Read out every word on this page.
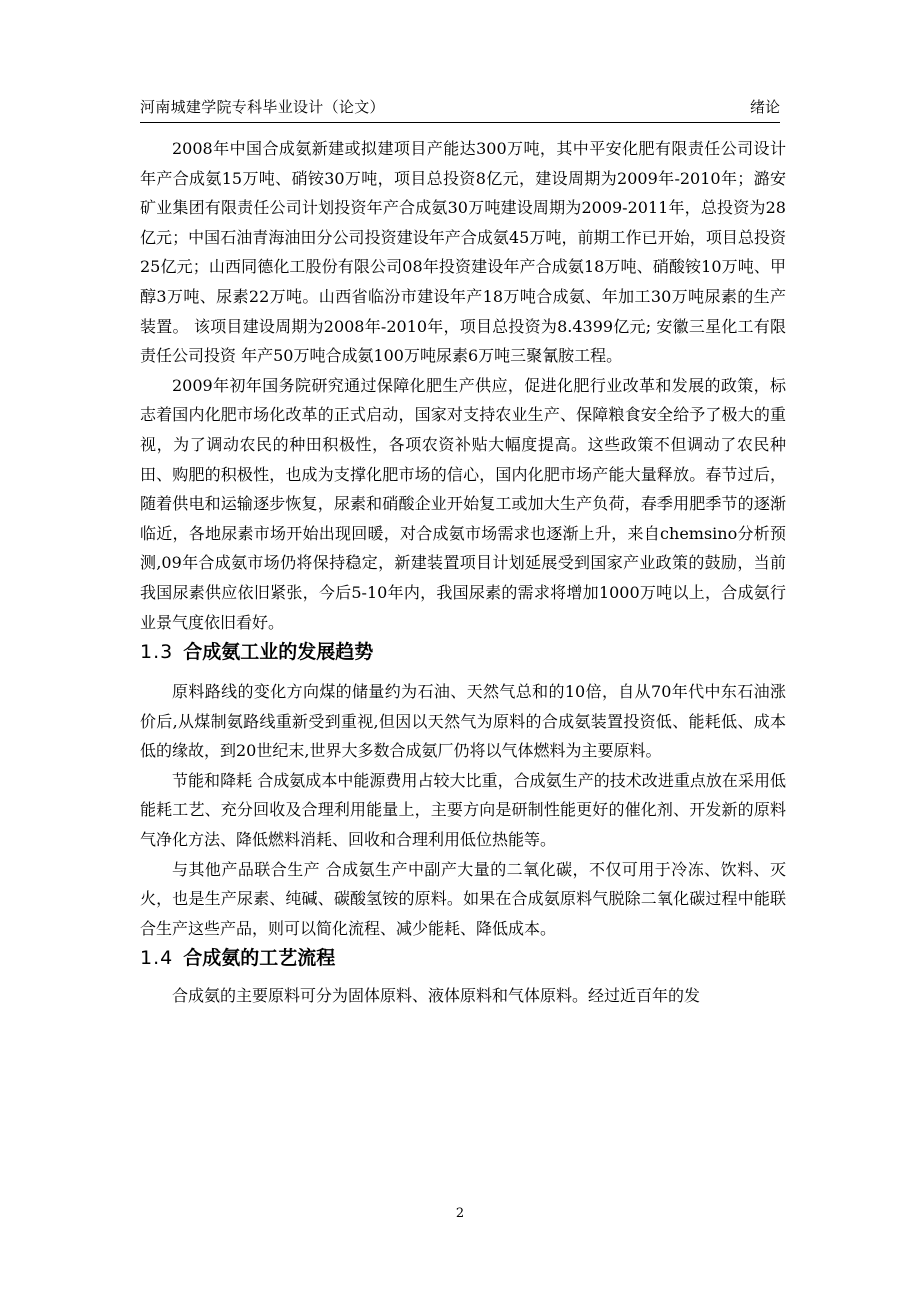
河南城建学院专科毕业设计（论文）	绪论

2008年中国合成氨新建或拟建项目产能达300万吨，其中平安化肥有限责任公司设计年产合成氨15万吨、硝铵30万吨，项目总投资8亿元，建设周期为2009年-2010年；潞安矿业集团有限责任公司计划投资年产合成氨30万吨建设周期为2009-2011年，总投资为28亿元；中国石油青海油田分公司投资建设年产合成氨45万吨，前期工作已开始，项目总投资25亿元；山西同德化工股份有限公司08年投资建设年产合成氨18万吨、硝酸铵10万吨、甲醇3万吨、尿素22万吨。山西省临汾市建设年产18万吨合成氨、年加工30万吨尿素的生产装置。 该项目建设周期为2008年-2010年，项目总投资为8.4399亿元; 安徽三星化工有限责任公司投资 年产50万吨合成氨100万吨尿素6万吨三聚氰胺工程。

2009年初年国务院研究通过保障化肥生产供应，促进化肥行业改革和发展的政策，标志着国内化肥市场化改革的正式启动，国家对支持农业生产、保障粮食安全给予了极大的重视，为了调动农民的种田积极性，各项农资补贴大幅度提高。这些政策不但调动了农民种田、购肥的积极性，也成为支撑化肥市场的信心，国内化肥市场产能大量释放。春节过后，随着供电和运输逐步恢复，尿素和硝酸企业开始复工或加大生产负荷，春季用肥季节的逐渐临近，各地尿素市场开始出现回暖，对合成氨市场需求也逐渐上升，来自chemsino分析预测,09年合成氨市场仍将保持稳定，新建装置项目计划延展受到国家产业政策的鼓励，当前我国尿素供应依旧紧张，今后5-10年内，我国尿素的需求将增加1000万吨以上，合成氨行业景气度依旧看好。

1.3 合成氨工业的发展趋势

原料路线的变化方向煤的储量约为石油、天然气总和的10倍，自从70年代中东石油涨价后,从煤制氨路线重新受到重视,但因以天然气为原料的合成氨装置投资低、能耗低、成本低的缘故，到20世纪末,世界大多数合成氨厂仍将以气体燃料为主要原料。

节能和降耗 合成氨成本中能源费用占较大比重，合成氨生产的技术改进重点放在采用低能耗工艺、充分回收及合理利用能量上，主要方向是研制性能更好的催化剂、开发新的原料气净化方法、降低燃料消耗、回收和合理利用低位热能等。

与其他产品联合生产 合成氨生产中副产大量的二氧化碳，不仅可用于冷冻、饮料、灭火，也是生产尿素、纯碱、碳酸氢铵的原料。如果在合成氨原料气脱除二氧化碳过程中能联合生产这些产品，则可以简化流程、减少能耗、降低成本。

1.4 合成氨的工艺流程

合成氨的主要原料可分为固体原料、液体原料和气体原料。经过近百年的发

2
